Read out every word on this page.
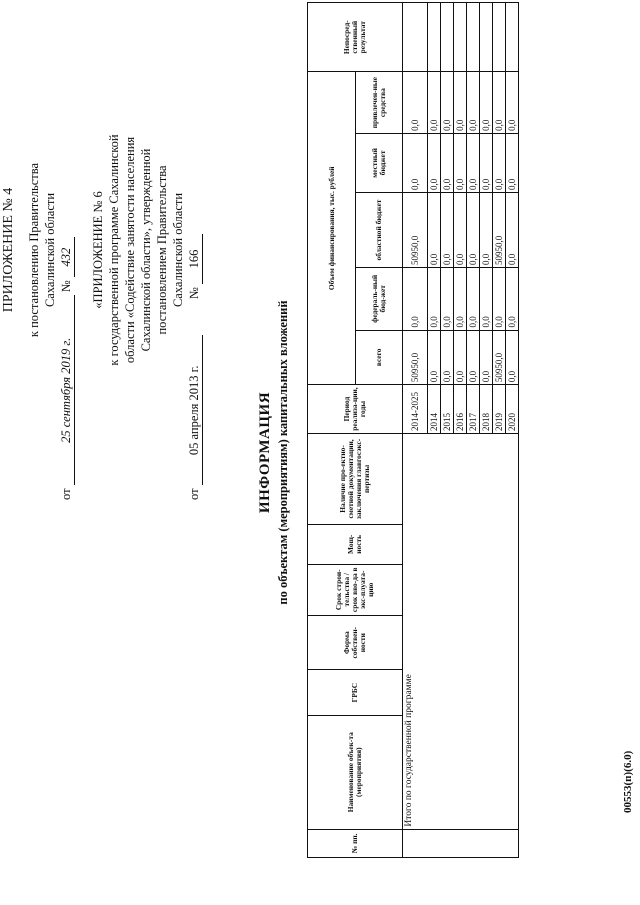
ПРИЛОЖЕНИЕ № 4 к постановлению Правительства Сахалинской области
от 25 сентября 2019 г. № 432 «ПРИЛОЖЕНИЕ № 6 к государственной программе Сахалинской области «Содействие занятости населения Сахалинской области», утвержденной постановлением Правительства Сахалинской области
от 05 апреля 2013 г.  № 166
ИНФОРМАЦИЯ по объектам (мероприятиям) капитальных вложений
№ пп.	Наименование объек-та (мероприятия)	ГРБС	Форма собствен-ности	Срок строи-тельства / срок вво-да в экс-плуата-цию	Мощ-ность	Наличие про-ектно-сметной документации, заключения главгосэкс-пертизы	Период реализа-ции, годы	Объем финансирования, тыс. рублей					Непосред-ственный результат
								всего	федераль-ный бюд-жет	областной бюджет	местный бюджет	привлечен-ные средства	
	Итого по государственной программе						2014-2025	50950,0	0,0	50950,0	0,0	0,0	
							2014	0,0	0,0	0,0	0,0	0,0	
							2015	0,0	0,0	0,0	0,0	0,0	
							2016	0,0	0,0	0,0	0,0	0,0	
							2017	0,0	0,0	0,0	0,0	0,0	
							2018	0,0	0,0	0,0	0,0	0,0	
							2019	50950,0	0,0	50950,0	0,0	0,0	
							2020	0,0	0,0	0,0	0,0	0,0	
00553(п)(6.0)
